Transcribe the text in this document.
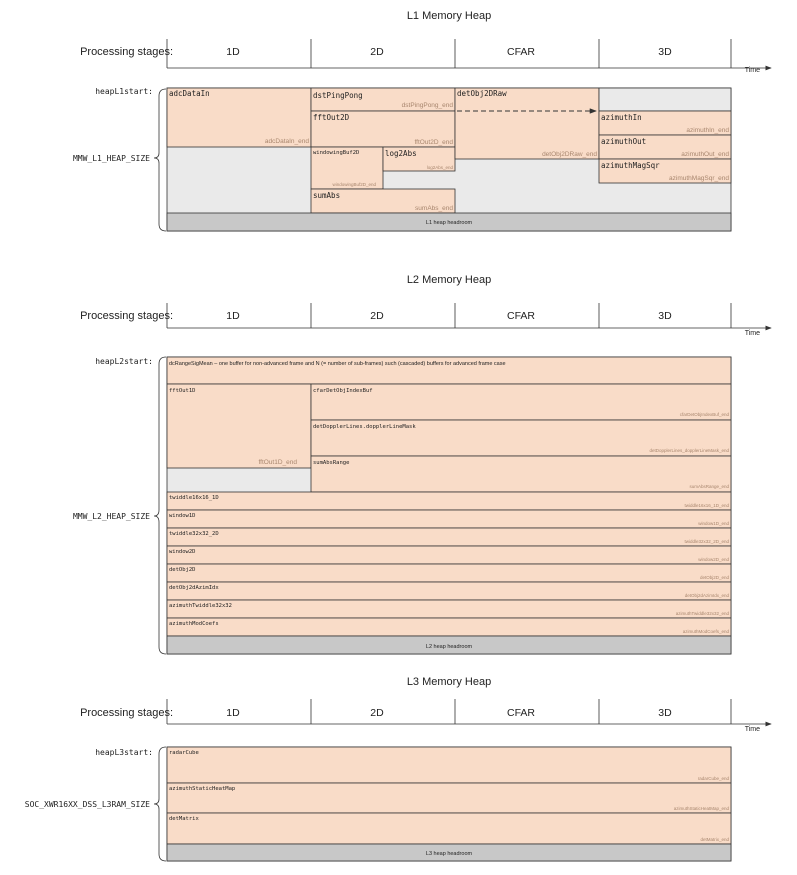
L1 Memory Heap
Processing stages:	1D	2D	CFAR	3D
Time
heapL1start:
MMW_L1_HEAP_SIZE
adcDataIn
adcDataIn_end
dstPingPong
dstPingPong_end
fftOut2D
fftOut2D_end
windowingBuf2D
windowingBuf2D_end
log2Abs
log2Abs_end
sumAbs
sumAbs_end
detObj2DRaw
detObj2DRaw_end
azimuthIn
azimuthIn_end
azimuthOut
azimuthOut_end
azimuthMagSqr
azimuthMagSqr_end
L1 heap headroom
L2 Memory Heap
Processing stages:	1D	2D	CFAR	3D
Time
heapL2start:
MMW_L2_HEAP_SIZE
dcRangeSigMean – one buffer for non-advanced frame and N (= number of sub-frames) such (cascaded) buffers for advanced frame case
fftOut1D
fftOut1D_end
cfarDetObjIndexBuf
cfarDetObjIndexBuf_end
detDopplerLines.dopplerLineMask
detDopplerLines_dopplerLineMask_end
sumAbsRange
sumAbsRange_end
twiddle16x16_1D
twiddle16x16_1D_end
window1D
window1D_end
twiddle32x32_2D
twiddle32x32_2D_end
window2D
window2D_end
detObj2D
detObj2D_end
detObj2dAzimIdx
detObj2dAzimIdx_end
azimuthTwiddle32x32
azimuthTwiddle32x32_end
azimuthModCoefs
azimuthModCoefs_end
L2 heap headroom
L3 Memory Heap
Processing stages:	1D	2D	CFAR	3D
Time
heapL3start:
SOC_XWR16XX_DSS_L3RAM_SIZE
radarCube
radarCube_end
azimuthStaticHeatMap
azimuthStaticHeatMap_end
detMatrix
detMatrix_end
L3 heap headroom
